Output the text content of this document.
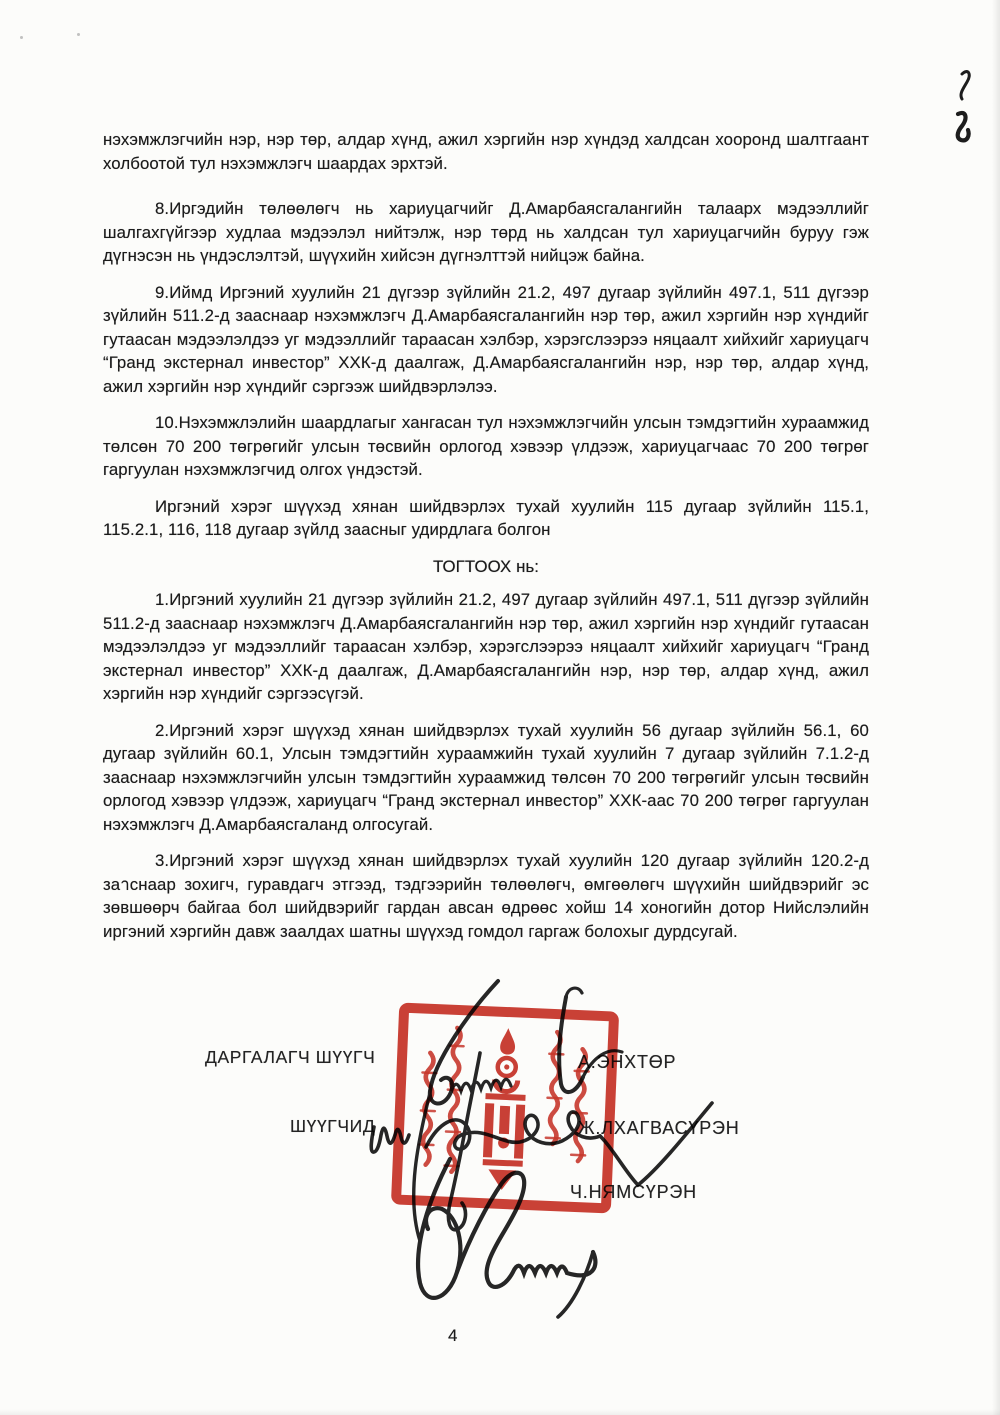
нэхэмжлэгчийн нэр, нэр төр, алдар хүнд, ажил хэргийн нэр хүндэд халдсан хооронд шалтгаант холбоотой тул нэхэмжлэгч шаардах эрхтэй.

8.Иргэдийн төлөөлөгч нь хариуцагчийг Д.Амарбаясгалангийн талаарх мэдээллийг шалгахгүйгээр худлаа мэдээлэл нийтэлж, нэр төрд нь халдсан тул хариуцагчийн буруу гэж дүгнэсэн нь үндэслэлтэй, шүүхийн хийсэн дүгнэлттэй нийцэж байна.

9.Иймд Иргэний хуулийн 21 дүгээр зүйлийн 21.2, 497 дугаар зүйлийн 497.1, 511 дүгээр зүйлийн 511.2-д зааснаар нэхэмжлэгч Д.Амарбаясгалангийн нэр төр, ажил хэргийн нэр хүндийг гутаасан мэдээлэлдээ уг мэдээллийг тараасан хэлбэр, хэрэгслээрээ няцаалт хийхийг хариуцагч “Гранд экстернал инвестор” ХХК-д даалгаж, Д.Амарбаясгалангийн нэр, нэр төр, алдар хүнд, ажил хэргийн нэр хүндийг сэргээж шийдвэрлэлээ.

10.Нэхэмжлэлийн шаардлагыг хангасан тул нэхэмжлэгчийн улсын тэмдэгтийн хураамжид төлсөн 70 200 төгрөгийг улсын төсвийн орлогод хэвээр үлдээж, хариуцагчаас 70 200 төгрөг гаргуулан нэхэмжлэгчид олгох үндэстэй.

Иргэний хэрэг шүүхэд хянан шийдвэрлэх тухай хуулийн 115 дугаар зүйлийн 115.1, 115.2.1, 116, 118 дугаар зүйлд заасныг удирдлага болгон

ТОГТООХ нь:

1.Иргэний хуулийн 21 дүгээр зүйлийн 21.2, 497 дугаар зүйлийн 497.1, 511 дүгээр зүйлийн 511.2-д зааснаар нэхэмжлэгч Д.Амарбаясгалангийн нэр төр, ажил хэргийн нэр хүндийг гутаасан мэдээлэлдээ уг мэдээллийг тараасан хэлбэр, хэрэгслээрээ няцаалт хийхийг хариуцагч “Гранд экстернал инвестор” ХХК-д даалгаж, Д.Амарбаясгалангийн нэр, нэр төр, алдар хүнд, ажил хэргийн нэр хүндийг сэргээсүгэй.

2.Иргэний хэрэг шүүхэд хянан шийдвэрлэх тухай хуулийн 56 дугаар зүйлийн 56.1, 60 дугаар зүйлийн 60.1, Улсын тэмдэгтийн хураамжийн тухай хуулийн 7 дугаар зүйлийн 7.1.2-д зааснаар нэхэмжлэгчийн улсын тэмдэгтийн хураамжид төлсөн 70 200 төгрөгийг улсын төсвийн орлогод хэвээр үлдээж, хариуцагч “Гранд экстернал инвестор” ХХК-аас 70 200 төгрөг гаргуулан нэхэмжлэгч Д.Амарбаясгаланд олгосугай.

3.Иргэний хэрэг шүүхэд хянан шийдвэрлэх тухай хуулийн 120 дугаар зүйлийн 120.2-д заาснаар зохигч, гуравдагч этгээд, тэдгээрийн төлөөлөгч, өмгөөлөгч шүүхийн шийдвэрийг эс зөвшөөрч байгаа бол шийдвэрийг гардан авсан өдрөөс хойш 14 хоногийн дотор Нийслэлийн иргэний хэргийн давж заалдах шатны шүүхэд гомдол гаргаж болохыг дурдсугай.

ДАРГАЛАГЧ ШҮҮГЧ	А.ЭНХТӨР
ШҮҮГЧИД	Ж.ЛХАГВАСҮРЭН
Ч.НЯМСҮРЭН
4
